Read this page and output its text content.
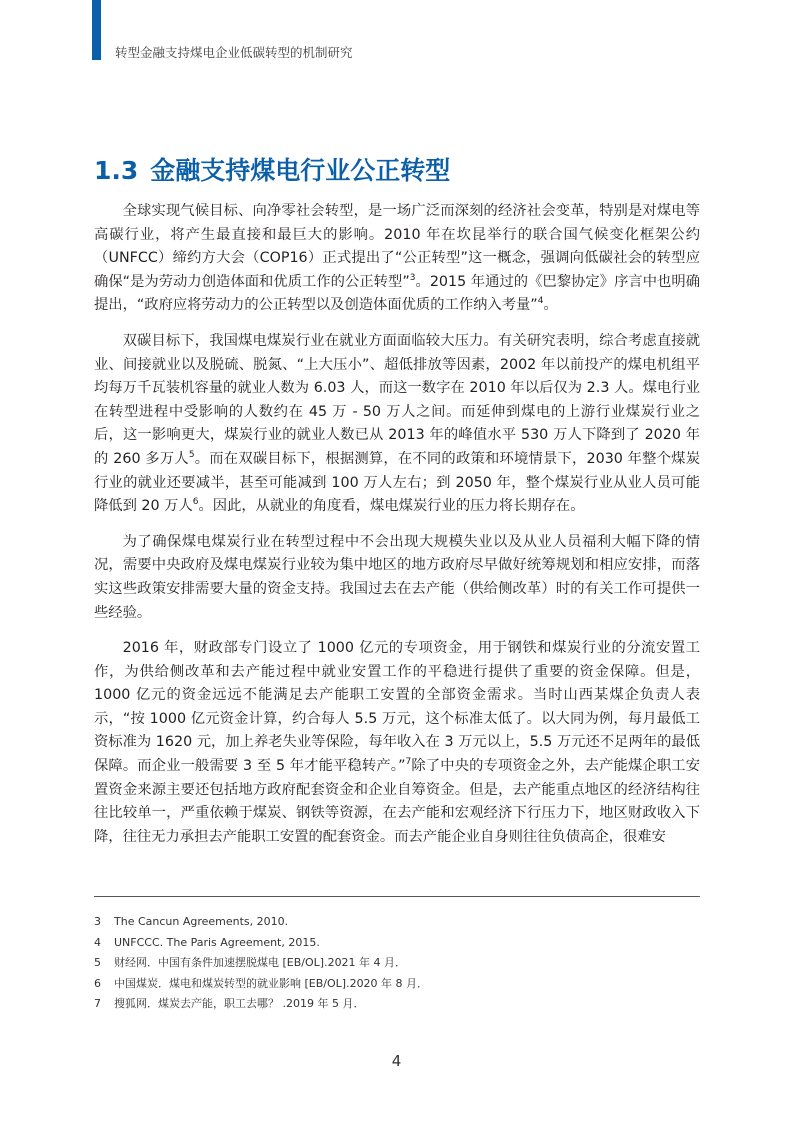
转型金融支持煤电企业低碳转型的机制研究
1.3 金融支持煤电行业公正转型

全球实现气候目标、向净零社会转型，是一场广泛而深刻的经济社会变革，特别是对煤电等高碳行业，将产生最直接和最巨大的影响。2010 年在坎昆举行的联合国气候变化框架公约（UNFCC）缔约方大会（COP16）正式提出了“公正转型”这一概念，强调向低碳社会的转型应确保“是为劳动力创造体面和优质工作的公正转型”$^3$。2015 年通过的《巴黎协定》序言中也明确提出，“政府应将劳动力的公正转型以及创造体面优质的工作纳入考量”$^4$。

双碳目标下，我国煤电煤炭行业在就业方面面临较大压力。有关研究表明，综合考虑直接就业、间接就业以及脱硫、脱氮、“上大压小”、超低排放等因素，2002 年以前投产的煤电机组平均每万千瓦装机容量的就业人数为 6.03 人，而这一数字在 2010 年以后仅为 2.3 人。煤电行业在转型进程中受影响的人数约在 45 万 - 50 万人之间。而延伸到煤电的上游行业煤炭行业之后，这一影响更大，煤炭行业的就业人数已从 2013 年的峰值水平 530 万人下降到了 2020 年的 260 多万人$^5$。而在双碳目标下，根据测算，在不同的政策和环境情景下，2030 年整个煤炭行业的就业还要减半，甚至可能减到 100 万人左右；到 2050 年，整个煤炭行业从业人员可能降低到 20 万人$^6$。因此，从就业的角度看，煤电煤炭行业的压力将长期存在。

为了确保煤电煤炭行业在转型过程中不会出现大规模失业以及从业人员福利大幅下降的情况，需要中央政府及煤电煤炭行业较为集中地区的地方政府尽早做好统筹规划和相应安排，而落实这些政策安排需要大量的资金支持。我国过去在去产能（供给侧改革）时的有关工作可提供一些经验。

2016 年，财政部专门设立了 1000 亿元的专项资金，用于钢铁和煤炭行业的分流安置工作，为供给侧改革和去产能过程中就业安置工作的平稳进行提供了重要的资金保障。但是，1000 亿元的资金远远不能满足去产能职工安置的全部资金需求。当时山西某煤企负责人表示，“按 1000 亿元资金计算，约合每人 5.5 万元，这个标准太低了。以大同为例，每月最低工资标准为 1620 元，加上养老失业等保险，每年收入在 3 万元以上，5.5 万元还不足两年的最低保障。而企业一般需要 3 至 5 年才能平稳转产。”$^7$除了中央的专项资金之外，去产能煤企职工安置资金来源主要还包括地方政府配套资金和企业自筹资金。但是，去产能重点地区的经济结构往往比较单一，严重依赖于煤炭、钢铁等资源，在去产能和宏观经济下行压力下，地区财政收入下降，往往无力承担去产能职工安置的配套资金。而去产能企业自身则往往负债高企，很难安

3	The Cancun Agreements, 2010.
4	UNFCCC. The Paris Agreement, 2015.
5	财经网．中国有条件加速摆脱煤电 [EB/OL].2021 年 4 月．
6	中国煤炭．煤电和煤炭转型的就业影响 [EB/OL].2020 年 8 月．
7	搜狐网．煤炭去产能，职工去哪？ .2019 年 5 月．
4
